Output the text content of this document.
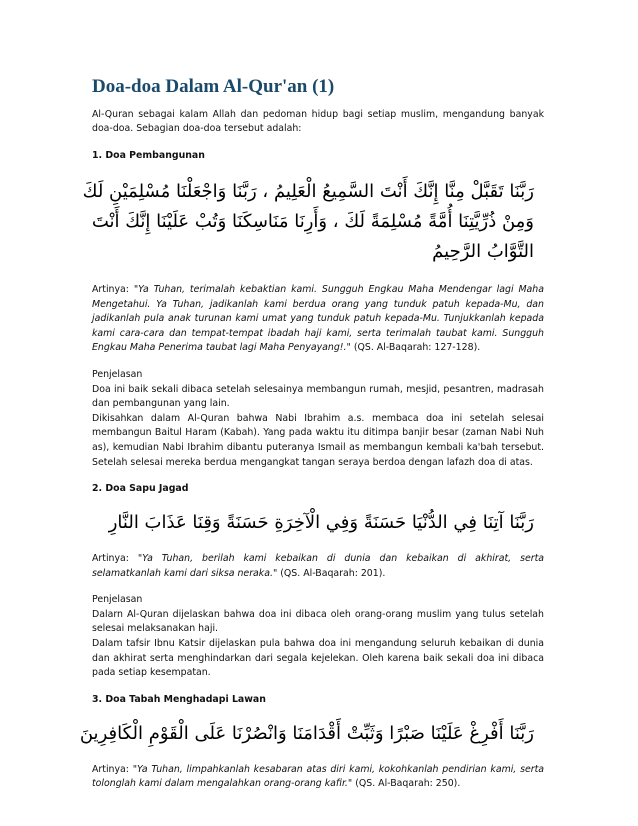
Doa-doa Dalam Al-Qur'an (1)

Al-Quran sebagai kalam Allah dan pedoman hidup bagi setiap muslim, mengandung banyak doa-doa. Sebagian doa-doa tersebut adalah:

1. Doa Pembangunan

رَبَّنَا تَقَبَّلْ مِنَّا إِنَّكَ أَنْتَ السَّمِيعُ الْعَلِيمُ ، رَبَّنَا وَاجْعَلْنَا مُسْلِمَيْنِ لَكَ
وَمِنْ ذُرِّيَّتِنَا أُمَّةً مُسْلِمَةً لَكَ ، وَأَرِنَا مَنَاسِكَنَا وَتُبْ عَلَيْنَا إِنَّكَ أَنْتَ
التَّوَّابُ الرَّحِيمُ

Artinya: "Ya Tuhan, terimalah kebaktian kami. Sungguh Engkau Maha Mendengar lagi Maha Mengetahui. Ya Tuhan, jadikanlah kami berdua orang yang tunduk patuh kepada-Mu, dan jadikanlah pula anak turunan kami umat yang tunduk patuh kepada-Mu. Tunjukkanlah kepada kami cara-cara dan tempat-tempat ibadah haji kami, serta terimalah taubat kami. Sungguh Engkau Maha Penerima taubat lagi Maha Penyayang!." (QS. Al-Baqarah: 127-128).

Penjelasan

Doa ini baik sekali dibaca setelah selesainya membangun rumah, mesjid, pesantren, madrasah dan pembangunan yang lain.

Dikisahkan dalam Al-Quran bahwa Nabi Ibrahim a.s. membaca doa ini setelah selesai membangun Baitul Haram (Kabah). Yang pada waktu itu ditimpa banjir besar (zaman Nabi Nuh as), kemudian Nabi Ibrahim dibantu puteranya Ismail as membangun kembali ka'bah tersebut. Setelah selesai mereka berdua mengangkat tangan seraya berdoa dengan lafazh doa di atas.

2. Doa Sapu Jagad

رَبَّنَا آتِنَا فِي الدُّنْيَا حَسَنَةً وَفِي الْآخِرَةِ حَسَنَةً وَقِنَا عَذَابَ النَّارِ

Artinya: "Ya Tuhan, berilah kami kebaikan di dunia dan kebaikan di akhirat, serta selamatkanlah kami dari siksa neraka." (QS. Al-Baqarah: 201).

Penjelasan

Dalarn Al-Quran dijelaskan bahwa doa ini dibaca oleh orang-orang muslim yang tulus setelah selesai melaksanakan haji.

Dalam tafsir Ibnu Katsir dijelaskan pula bahwa doa ini mengandung seluruh kebaikan di dunia dan akhirat serta menghindarkan dari segala kejelekan. Oleh karena baik sekali doa ini dibaca pada setiap kesempatan.

3. Doa Tabah Menghadapi Lawan

رَبَّنَا أَفْرِغْ عَلَيْنَا صَبْرًا وَثَبِّتْ أَقْدَامَنَا وَانْصُرْنَا عَلَى الْقَوْمِ الْكَافِرِينَ

Artinya: "Ya Tuhan, limpahkanlah kesabaran atas diri kami, kokohkanlah pendirian kami, serta tolonglah kami dalam mengalahkan orang-orang kafir." (QS. Al-Baqarah: 250).
